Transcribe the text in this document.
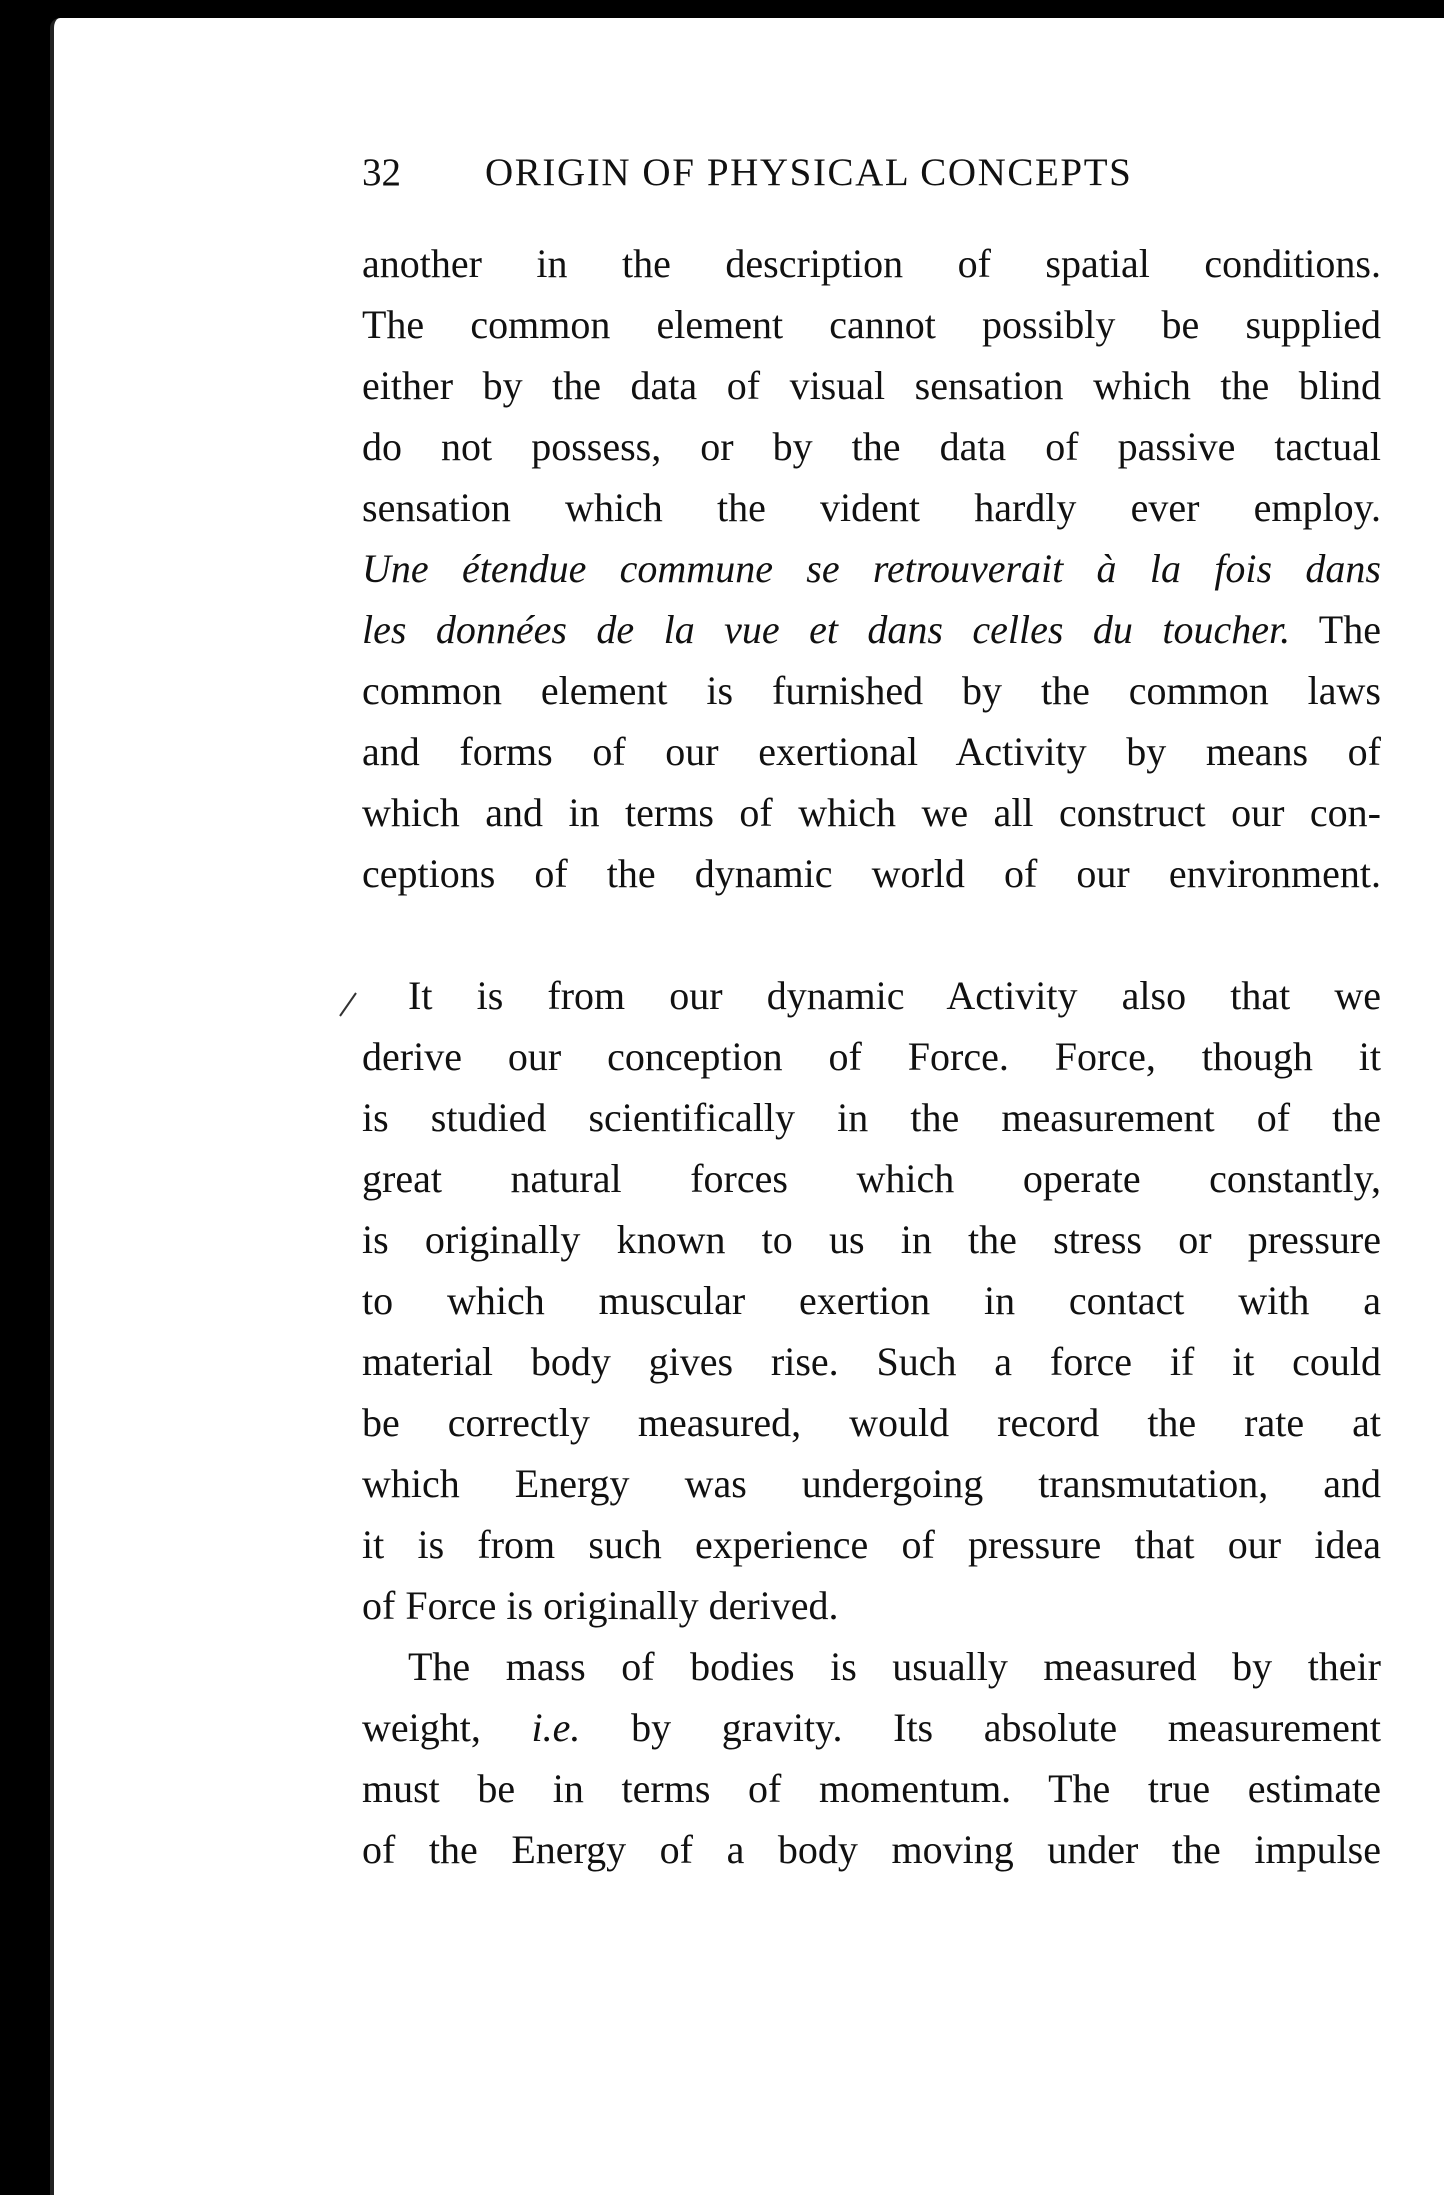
32 ORIGIN OF PHYSICAL CONCEPTS
another in the description of spatial conditions.
The common element cannot possibly be supplied
either by the data of visual sensation which the blind
do not possess, or by the data of passive tactual
sensation which the vident hardly ever employ.
Une étendue commune se retrouverait à la fois dans
les données de la vue et dans celles du toucher. The
common element is furnished by the common laws
and forms of our exertional Activity by means of
which and in terms of which we all construct our con-
ceptions of the dynamic world of our environment.
It is from our dynamic Activity also that we
derive our conception of Force. Force, though it
is studied scientifically in the measurement of the
great natural forces which operate constantly,
is originally known to us in the stress or pressure
to which muscular exertion in contact with a
material body gives rise. Such a force if it could
be correctly measured, would record the rate at
which Energy was undergoing transmutation, and
it is from such experience of pressure that our idea
of Force is originally derived.
The mass of bodies is usually measured by their
weight, i.e. by gravity. Its absolute measurement
must be in terms of momentum. The true estimate
of the Energy of a body moving under the impulse
